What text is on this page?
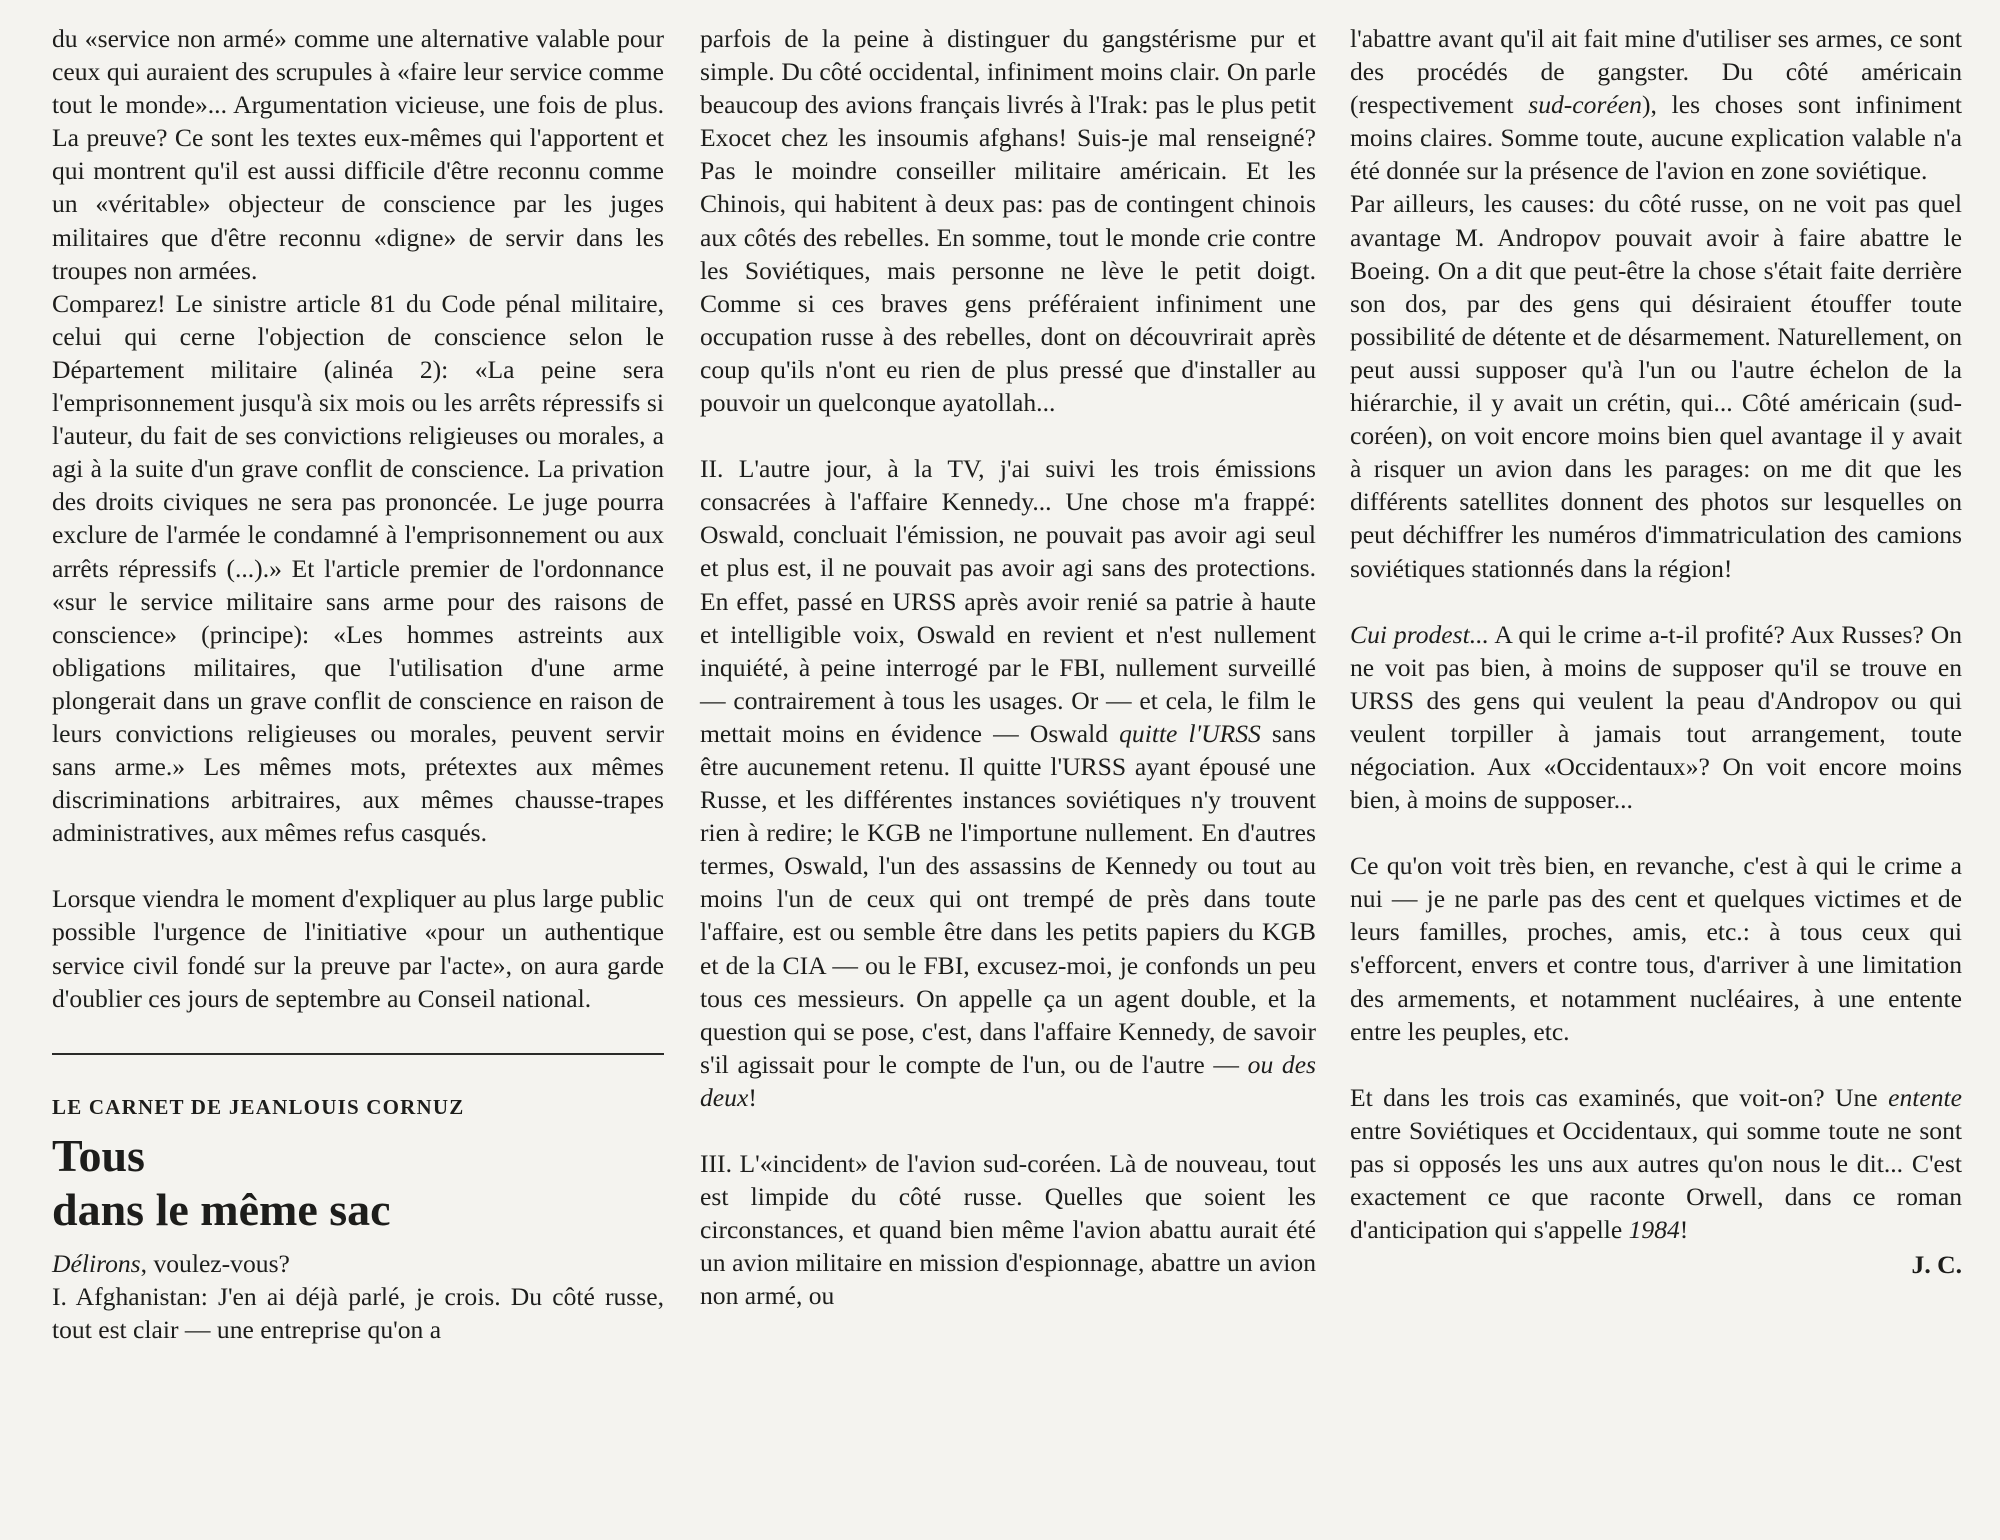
du «service non armé» comme une alternative valable pour ceux qui auraient des scrupules à «faire leur service comme tout le monde»... Argumentation vicieuse, une fois de plus. La preuve? Ce sont les textes eux-mêmes qui l'apportent et qui montrent qu'il est aussi difficile d'être reconnu comme un «véritable» objecteur de conscience par les juges militaires que d'être reconnu «digne» de servir dans les troupes non armées.

Comparez! Le sinistre article 81 du Code pénal militaire, celui qui cerne l'objection de conscience selon le Département militaire (alinéa 2): «La peine sera l'emprisonnement jusqu'à six mois ou les arrêts répressifs si l'auteur, du fait de ses convictions religieuses ou morales, a agi à la suite d'un grave conflit de conscience. La privation des droits civiques ne sera pas prononcée. Le juge pourra exclure de l'armée le condamné à l'emprisonnement ou aux arrêts répressifs (...).» Et l'article premier de l'ordonnance «sur le service militaire sans arme pour des raisons de conscience» (principe): «Les hommes astreints aux obligations militaires, que l'utilisation d'une arme plongerait dans un grave conflit de conscience en raison de leurs convictions religieuses ou morales, peuvent servir sans arme.» Les mêmes mots, prétextes aux mêmes discriminations arbitraires, aux mêmes chausse-trapes administratives, aux mêmes refus casqués.

Lorsque viendra le moment d'expliquer au plus large public possible l'urgence de l'initiative «pour un authentique service civil fondé sur la preuve par l'acte», on aura garde d'oublier ces jours de septembre au Conseil national.

LE CARNET DE JEANLOUIS CORNUZ

Tous
dans le même sac

Délirons, voulez-vous?

I. Afghanistan: J'en ai déjà parlé, je crois. Du côté russe, tout est clair — une entreprise qu'on a

parfois de la peine à distinguer du gangstérisme pur et simple. Du côté occidental, infiniment moins clair. On parle beaucoup des avions français livrés à l'Irak: pas le plus petit Exocet chez les insoumis afghans! Suis-je mal renseigné? Pas le moindre conseiller militaire américain. Et les Chinois, qui habitent à deux pas: pas de contingent chinois aux côtés des rebelles. En somme, tout le monde crie contre les Soviétiques, mais personne ne lève le petit doigt. Comme si ces braves gens préféraient infiniment une occupation russe à des rebelles, dont on découvrirait après coup qu'ils n'ont eu rien de plus pressé que d'installer au pouvoir un quelconque ayatollah...

II. L'autre jour, à la TV, j'ai suivi les trois émissions consacrées à l'affaire Kennedy... Une chose m'a frappé: Oswald, concluait l'émission, ne pouvait pas avoir agi seul et plus est, il ne pouvait pas avoir agi sans des protections. En effet, passé en URSS après avoir renié sa patrie à haute et intelligible voix, Oswald en revient et n'est nullement inquiété, à peine interrogé par le FBI, nullement surveillé — contrairement à tous les usages. Or — et cela, le film le mettait moins en évidence — Oswald quitte l'URSS sans être aucunement retenu. Il quitte l'URSS ayant épousé une Russe, et les différentes instances soviétiques n'y trouvent rien à redire; le KGB ne l'importune nullement. En d'autres termes, Oswald, l'un des assassins de Kennedy ou tout au moins l'un de ceux qui ont trempé de près dans toute l'affaire, est ou semble être dans les petits papiers du KGB et de la CIA — ou le FBI, excusez-moi, je confonds un peu tous ces messieurs. On appelle ça un agent double, et la question qui se pose, c'est, dans l'affaire Kennedy, de savoir s'il agissait pour le compte de l'un, ou de l'autre — ou des deux!

III. L'«incident» de l'avion sud-coréen. Là de nouveau, tout est limpide du côté russe. Quelles que soient les circonstances, et quand bien même l'avion abattu aurait été un avion militaire en mission d'espionnage, abattre un avion non armé, ou

l'abattre avant qu'il ait fait mine d'utiliser ses armes, ce sont des procédés de gangster. Du côté américain (respectivement sud-coréen), les choses sont infiniment moins claires. Somme toute, aucune explication valable n'a été donnée sur la présence de l'avion en zone soviétique.

Par ailleurs, les causes: du côté russe, on ne voit pas quel avantage M. Andropov pouvait avoir à faire abattre le Boeing. On a dit que peut-être la chose s'était faite derrière son dos, par des gens qui désiraient étouffer toute possibilité de détente et de désarmement. Naturellement, on peut aussi supposer qu'à l'un ou l'autre échelon de la hiérarchie, il y avait un crétin, qui... Côté américain (sud-coréen), on voit encore moins bien quel avantage il y avait à risquer un avion dans les parages: on me dit que les différents satellites donnent des photos sur lesquelles on peut déchiffrer les numéros d'immatriculation des camions soviétiques stationnés dans la région!

Cui prodest... A qui le crime a-t-il profité? Aux Russes? On ne voit pas bien, à moins de supposer qu'il se trouve en URSS des gens qui veulent la peau d'Andropov ou qui veulent torpiller à jamais tout arrangement, toute négociation. Aux «Occidentaux»? On voit encore moins bien, à moins de supposer...

Ce qu'on voit très bien, en revanche, c'est à qui le crime a nui — je ne parle pas des cent et quelques victimes et de leurs familles, proches, amis, etc.: à tous ceux qui s'efforcent, envers et contre tous, d'arriver à une limitation des armements, et notamment nucléaires, à une entente entre les peuples, etc.

Et dans les trois cas examinés, que voit-on? Une entente entre Soviétiques et Occidentaux, qui somme toute ne sont pas si opposés les uns aux autres qu'on nous le dit... C'est exactement ce que raconte Orwell, dans ce roman d'anticipation qui s'appelle 1984!

J. C.
